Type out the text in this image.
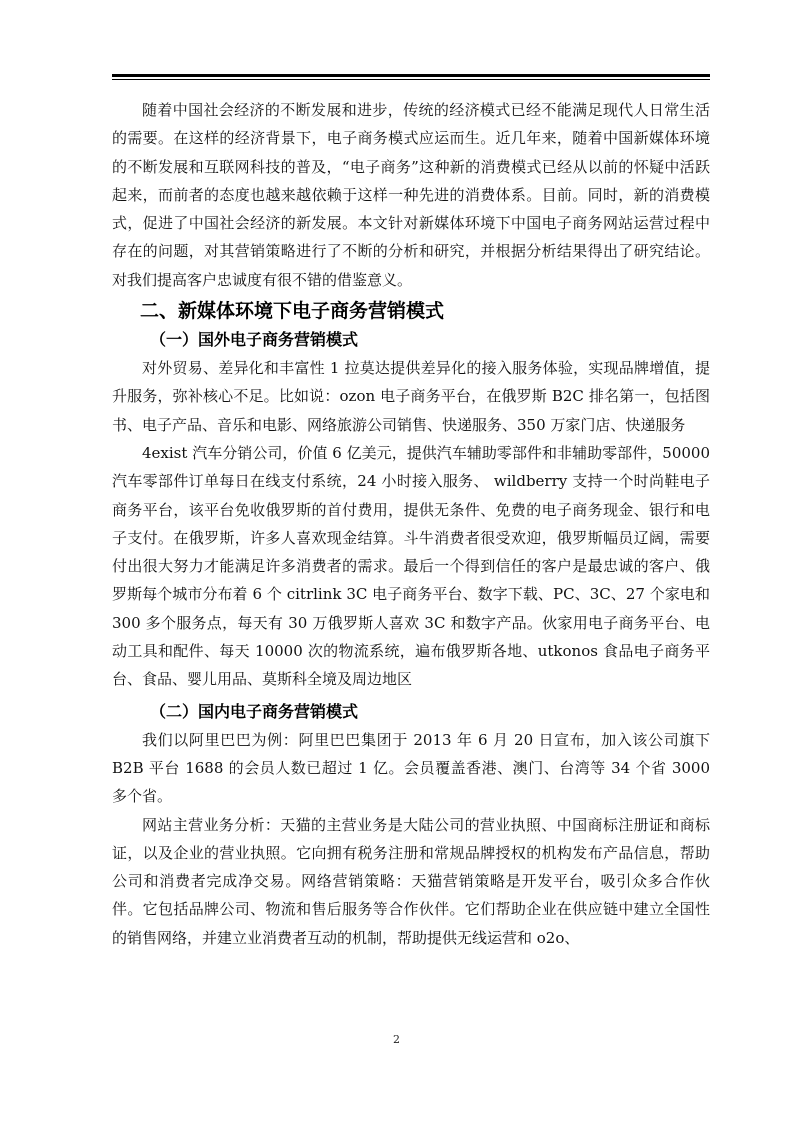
随着中国社会经济的不断发展和进步，传统的经济模式已经不能满足现代人日常生活的需要。在这样的经济背景下，电子商务模式应运而生。近几年来，随着中国新媒体环境的不断发展和互联网科技的普及，“电子商务”这种新的消费模式已经从以前的怀疑中活跃起来，而前者的态度也越来越依赖于这样一种先进的消费体系。目前。同时，新的消费模式，促进了中国社会经济的新发展。本文针对新媒体环境下中国电子商务网站运营过程中存在的问题，对其营销策略进行了不断的分析和研究，并根据分析结果得出了研究结论。对我们提高客户忠诚度有很不错的借鉴意义。

二、新媒体环境下电子商务营销模式
（一）国外电子商务营销模式

对外贸易、差异化和丰富性 1 拉莫达提供差异化的接入服务体验，实现品牌增值，提升服务，弥补核心不足。比如说：ozon 电子商务平台，在俄罗斯 B2C 排名第一，包括图书、电子产品、音乐和电影、网络旅游公司销售、快递服务、350 万家门店、快递服务

4exist 汽车分销公司，价值 6 亿美元，提供汽车辅助零部件和非辅助零部件，50000 汽车零部件订单每日在线支付系统，24 小时接入服务、 wildberry 支持一个时尚鞋电子商务平台，该平台免收俄罗斯的首付费用，提供无条件、免费的电子商务现金、银行和电子支付。在俄罗斯，许多人喜欢现金结算。斗牛消费者很受欢迎，俄罗斯幅员辽阔，需要付出很大努力才能满足许多消费者的需求。最后一个得到信任的客户是最忠诚的客户、俄罗斯每个城市分布着 6 个 citrlink 3C 电子商务平台、数字下载、PC、3C、27 个家电和 300 多个服务点，每天有 30 万俄罗斯人喜欢 3C 和数字产品。伙家用电子商务平台、电动工具和配件、每天 10000 次的物流系统，遍布俄罗斯各地、utkonos 食品电子商务平台、食品、婴儿用品、莫斯科全境及周边地区

（二）国内电子商务营销模式

我们以阿里巴巴为例：阿里巴巴集团于 2013 年 6 月 20 日宣布，加入该公司旗下 B2B 平台 1688 的会员人数已超过 1 亿。会员覆盖香港、澳门、台湾等 34 个省 3000 多个省。

网站主营业务分析：天猫的主营业务是大陆公司的营业执照、中国商标注册证和商标证，以及企业的营业执照。它向拥有税务注册和常规品牌授权的机构发布产品信息，帮助公司和消费者完成净交易。网络营销策略：天猫营销策略是开发平台，吸引众多合作伙伴。它包括品牌公司、物流和售后服务等合作伙伴。它们帮助企业在供应链中建立全国性的销售网络，并建立业消费者互动的机制，帮助提供无线运营和 o2o、

2
